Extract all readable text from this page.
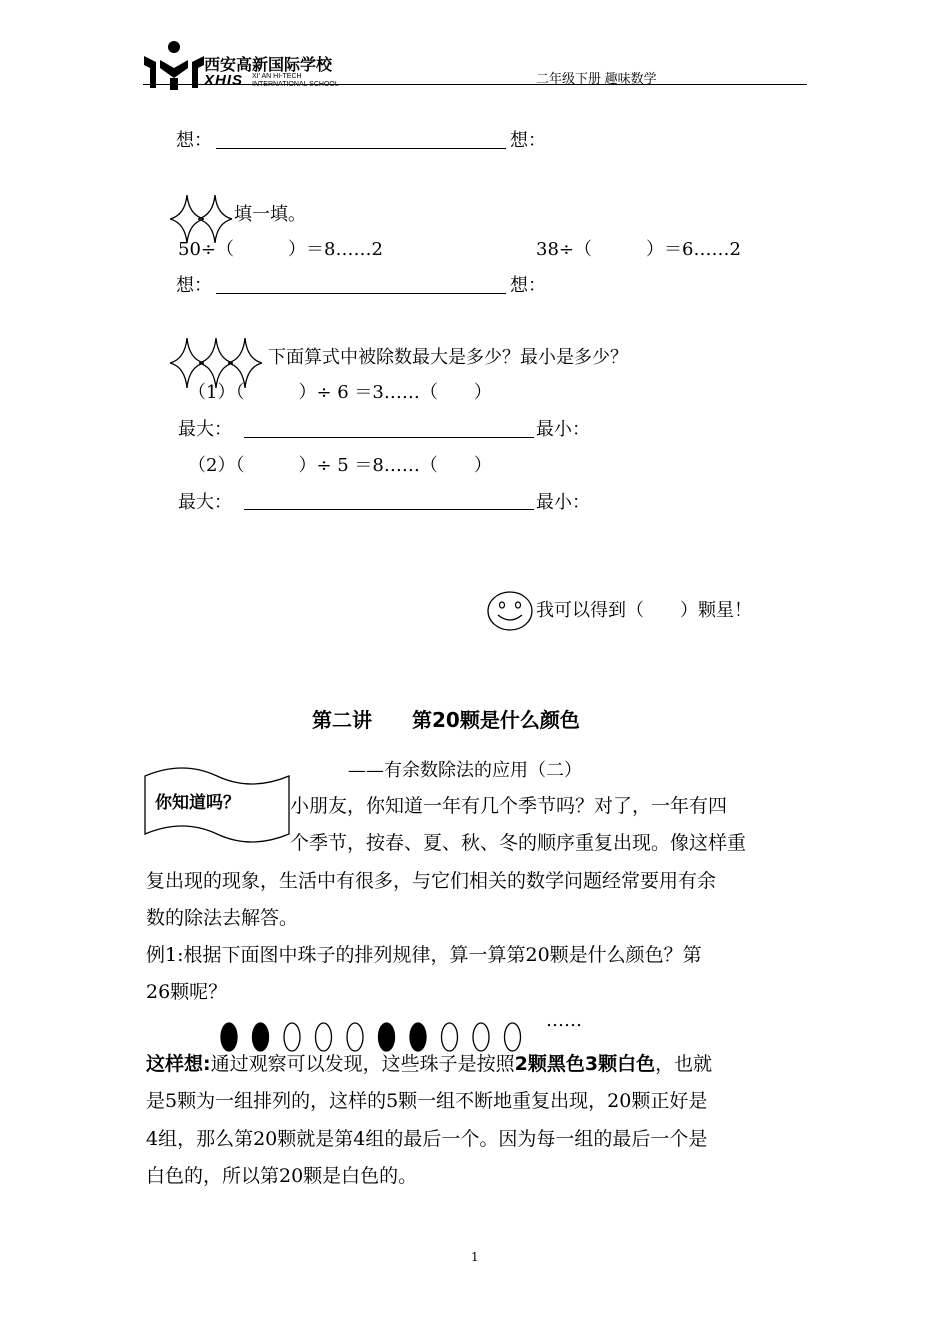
西安高新国际学校
XHIS XI' AN HI-TECH
INTERNATIONAL SCHOOL	二年级下册 趣味数学
想：	想：
填一填。
50÷（　　　）＝8……2	38÷（　　　）＝6……2
想：	想：
下面算式中被除数最大是多少？最小是多少？
（1）（　　　）÷ 6 ＝3……（　　）
最大：	最小：
（2）（　　　）÷ 5 ＝8……（　　）
最大：	最小：
我可以得到（　　）颗星！
第二讲　　第20颗是什么颜色
——有余数除法的应用（二）
你知道吗？	小朋友，你知道一年有几个季节吗？对了，一年有四
个季节，按春、夏、秋、冬的顺序重复出现。像这样重
复出现的现象，生活中有很多，与它们相关的数学问题经常要用有余
数的除法去解答。
例1:根据下面图中珠子的排列规律，算一算第20颗是什么颜色？第
26颗呢？
……
这样想:通过观察可以发现，这些珠子是按照2颗黑色3颗白色，也就
是5颗为一组排列的，这样的5颗一组不断地重复出现，20颗正好是
4组，那么第20颗就是第4组的最后一个。因为每一组的最后一个是
白色的，所以第20颗是白色的。
1
